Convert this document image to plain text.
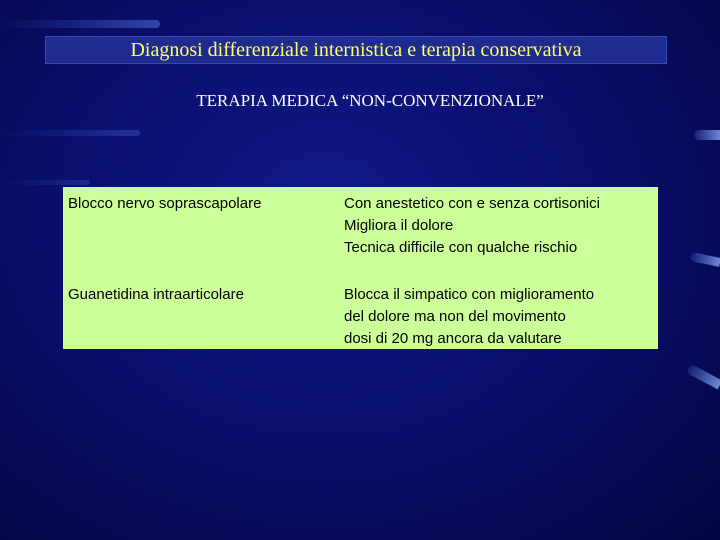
Diagnosi differenziale internistica e terapia conservativa
TERAPIA MEDICA “NON-CONVENZIONALE”
Blocco nervo soprascapolare	Con anestetico con e senza cortisonici
Migliora il dolore
Tecnica difficile con qualche rischio
Guanetidina intraarticolare	Blocca il simpatico con miglioramento
del dolore ma non del movimento
dosi di 20 mg ancora da valutare
